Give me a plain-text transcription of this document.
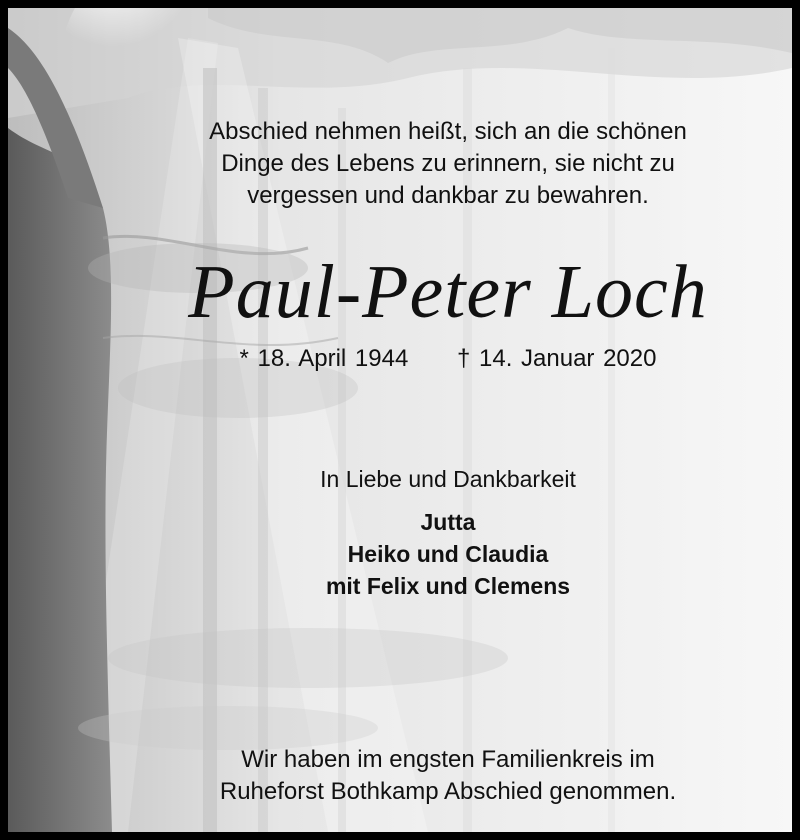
Abschied nehmen heißt, sich an die schönen
Dinge des Lebens zu erinnern, sie nicht zu
vergessen und dankbar zu bewahren.
Paul-Peter Loch
* 18. April 1944 † 14. Januar 2020
In Liebe und Dankbarkeit
Jutta
Heiko und Claudia
mit Felix und Clemens
Wir haben im engsten Familienkreis im
Ruheforst Bothkamp Abschied genommen.
